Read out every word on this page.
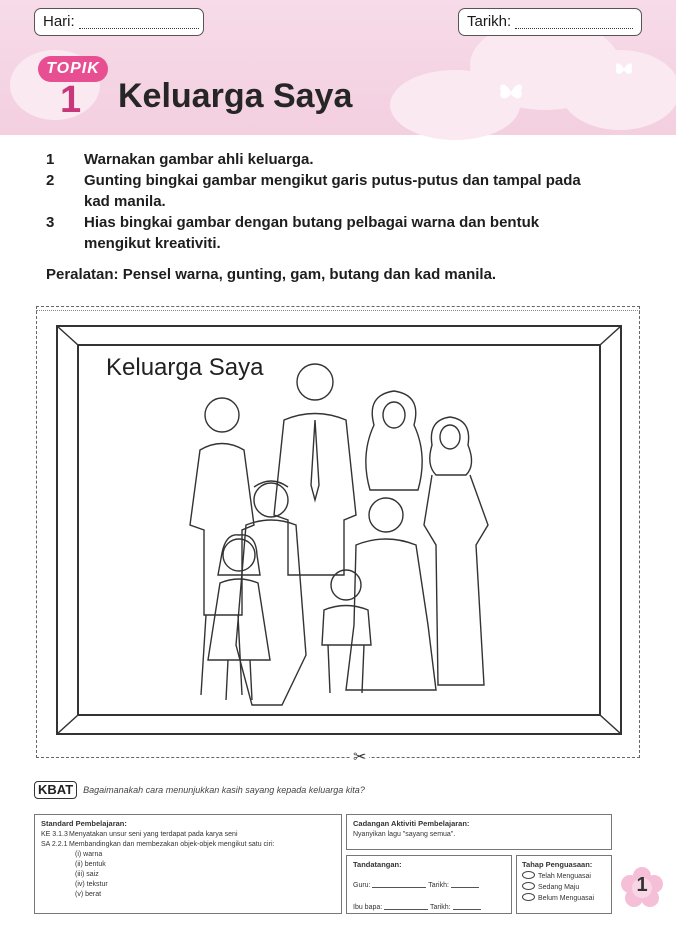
Hari:	Tarikh:
TOPIK
1 Keluarga Saya
1	Warnakan gambar ahli keluarga.
2	Gunting bingkai gambar mengikut garis putus-putus dan tampal pada
kad manila.
3	Hias bingkai gambar dengan butang pelbagai warna dan bentuk
mengikut kreativiti.
Peralatan: Pensel warna, gunting, gam, butang dan kad manila.
Keluarga Saya
✂
KBAT	Bagaimanakah cara menunjukkan kasih sayang kepada keluarga kita?
Standard Pembelajaran:
KE 3.1.3Menyatakan unsur seni yang terdapat pada karya seni
SA 2.2.1 Membandingkan dan membezakan objek-objek mengikut satu ciri:
(i) warna
(ii) bentuk
(iii) saiz
(iv) tekstur
(v) berat
Cadangan Aktiviti Pembelajaran:
Nyanyikan lagu "sayang semua".
Tandatangan:
Guru:	Tarikh:
Ibu bapa:	Tarikh:
Tahap Penguasaan:
Telah Menguasai
Sedang Maju
Belum Menguasai
1
